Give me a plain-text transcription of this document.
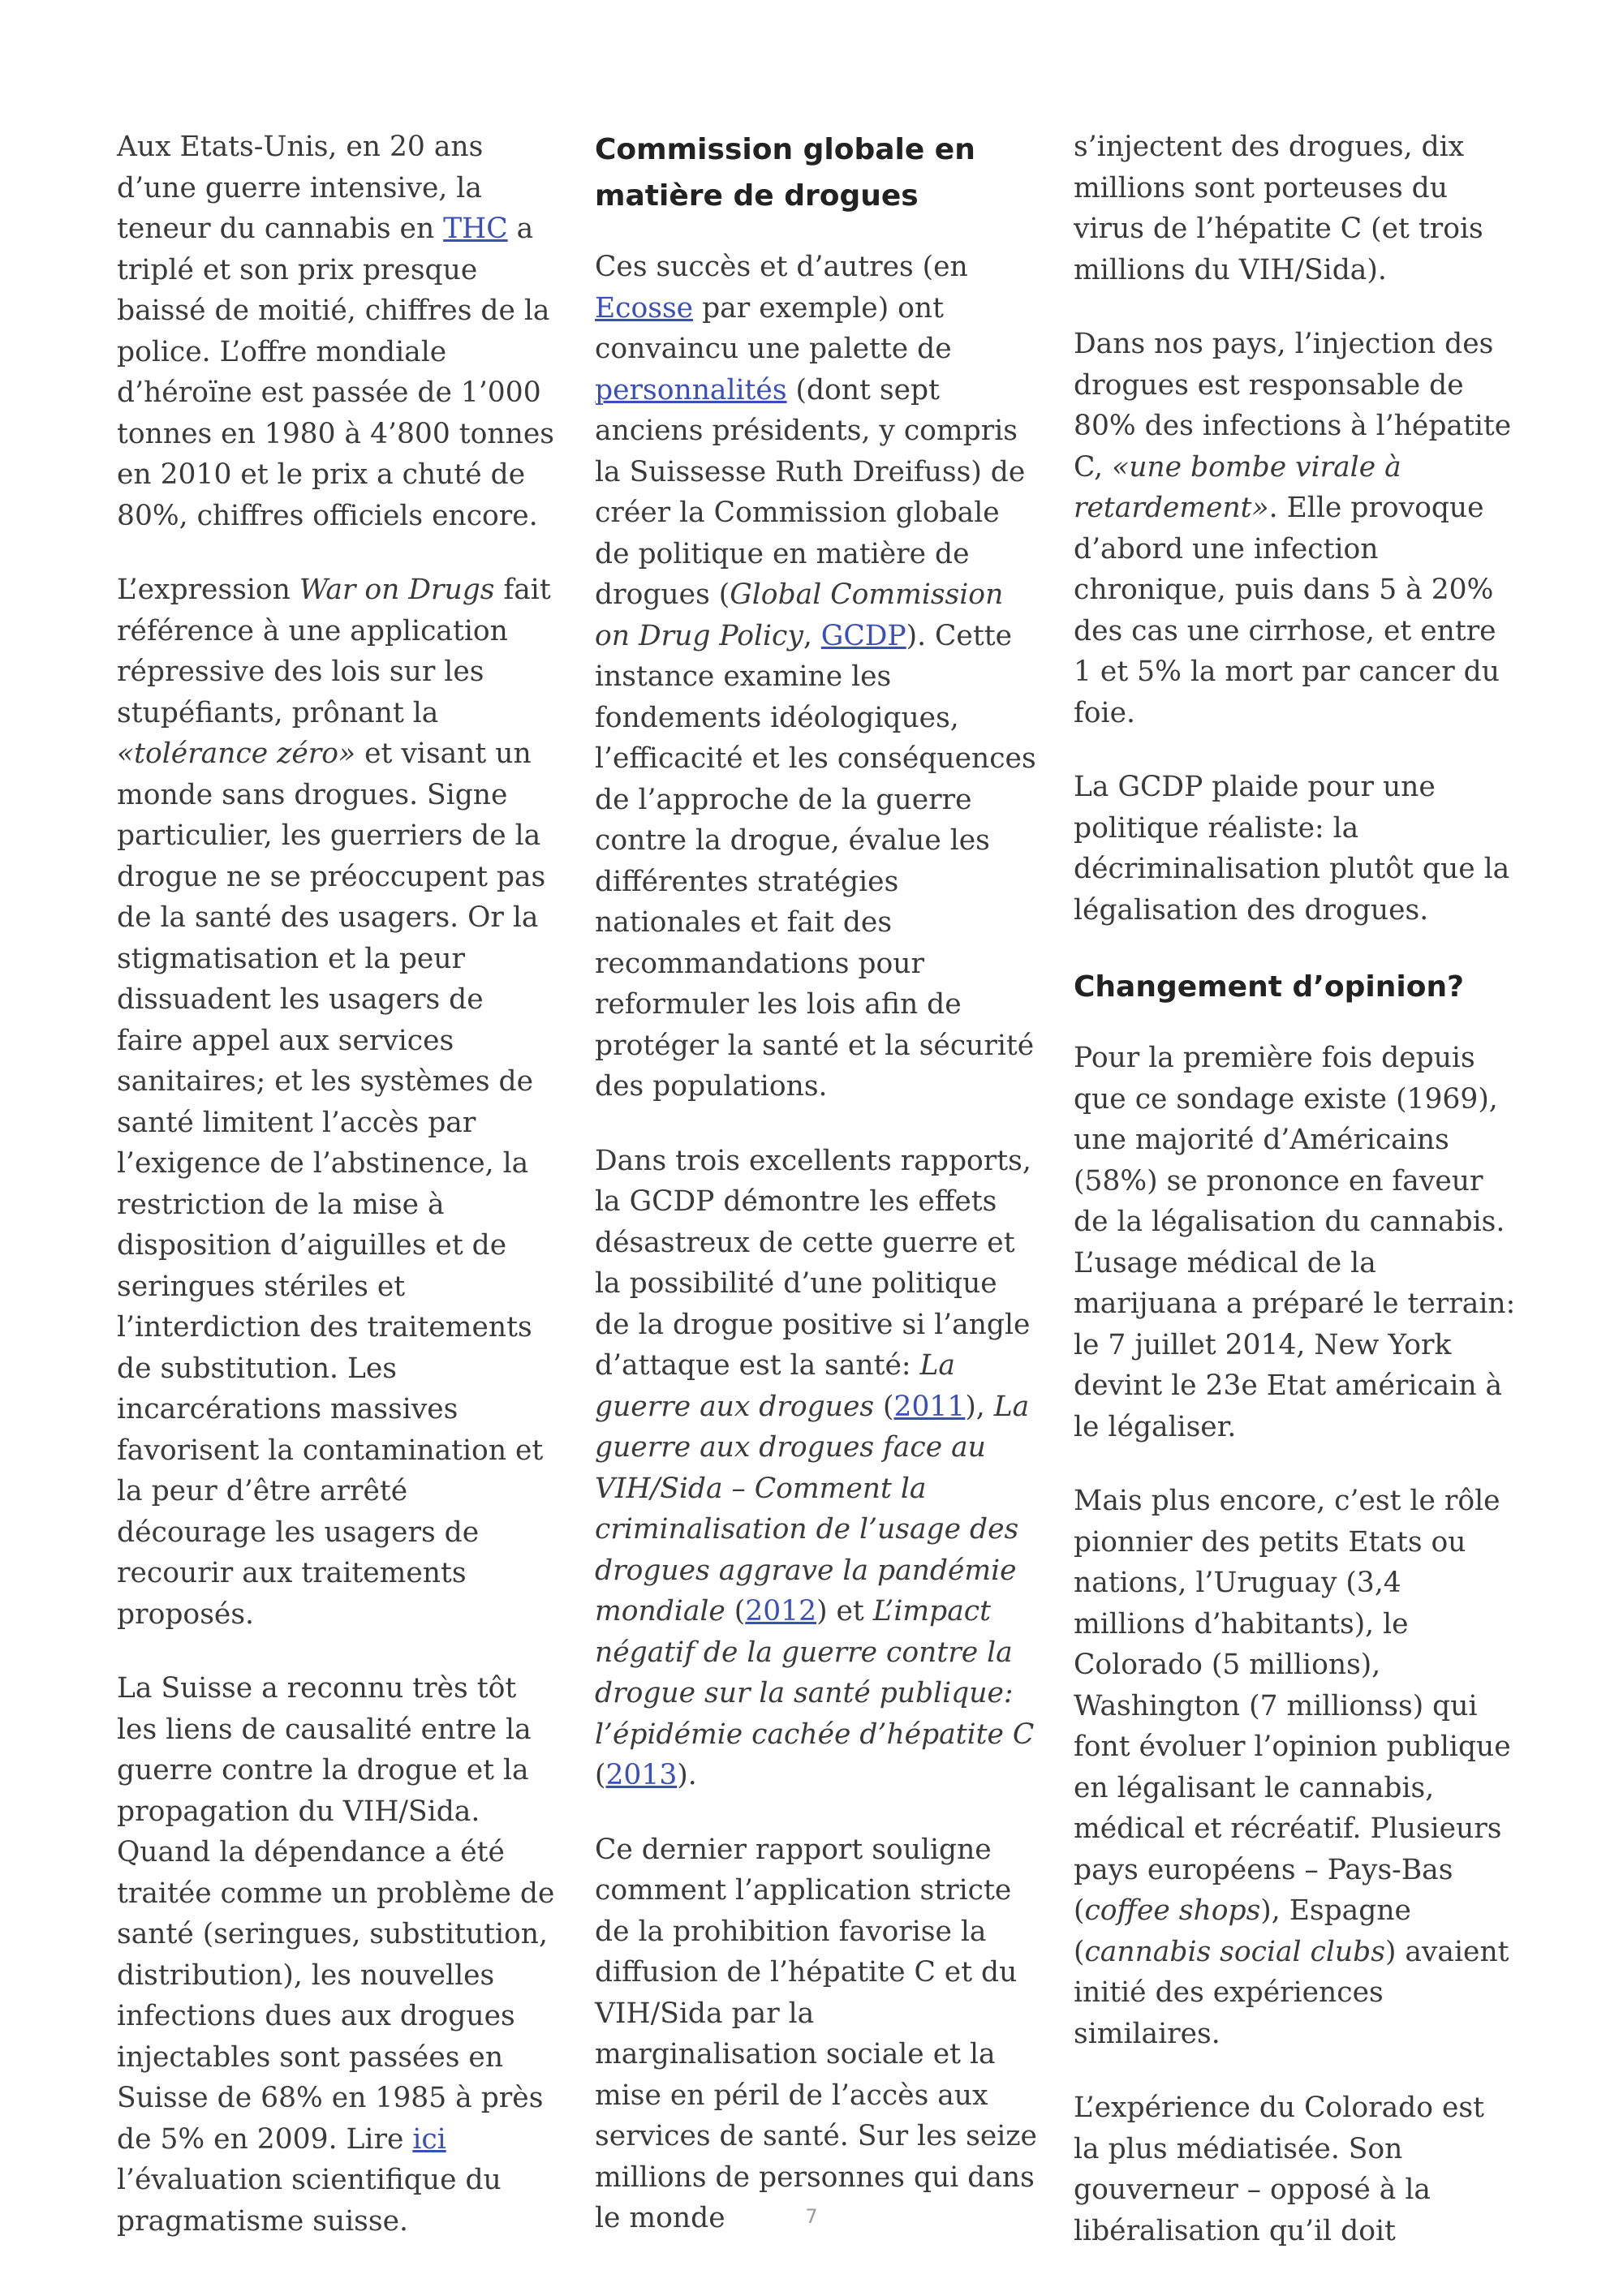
Aux Etats-Unis, en 20 ans d’une guerre intensive, la teneur du cannabis en THC a triplé et son prix presque baissé de moitié, chiffres de la police. L’offre mondiale d’héroïne est passée de 1’000 tonnes en 1980 à 4’800 tonnes en 2010 et le prix a chuté de 80%, chiffres officiels encore.

L’expression War on Drugs fait référence à une application répressive des lois sur les stupéfiants, prônant la «tolérance zéro» et visant un monde sans drogues. Signe particulier, les guerriers de la drogue ne se préoccupent pas de la santé des usagers. Or la stigmatisation et la peur dissuadent les usagers de faire appel aux services sanitaires; et les systèmes de santé limitent l’accès par l’exigence de l’abstinence, la restriction de la mise à disposition d’aiguilles et de seringues stériles et l’interdiction des traitements de substitution. Les incarcérations massives favorisent la contamination et la peur d’être arrêté décourage les usagers de recourir aux traitements proposés.

La Suisse a reconnu très tôt les liens de causalité entre la guerre contre la drogue et la propagation du VIH/Sida. Quand la dépendance a été traitée comme un problème de santé (seringues, substitution, distribution), les nouvelles infections dues aux drogues injectables sont passées en Suisse de 68% en 1985 à près de 5% en 2009. Lire ici l’évaluation scientifique du pragmatisme suisse.

Commission globale en matière de drogues

Ces succès et d’autres (en Ecosse par exemple) ont convaincu une palette de personnalités (dont sept anciens présidents, y compris la Suissesse Ruth Dreifuss) de créer la Commission globale de politique en matière de drogues (Global Commission on Drug Policy, GCDP). Cette instance examine les fondements idéologiques, l’efficacité et les conséquences de l’approche de la guerre contre la drogue, évalue les différentes stratégies nationales et fait des recommandations pour reformuler les lois afin de protéger la santé et la sécurité des populations.

Dans trois excellents rapports, la GCDP démontre les effets désastreux de cette guerre et la possibilité d’une politique de la drogue positive si l’angle d’attaque est la santé: La guerre aux drogues (2011), La guerre aux drogues face au VIH/Sida – Comment la criminalisation de l’usage des drogues aggrave la pandémie mondiale (2012) et L’impact négatif de la guerre contre la drogue sur la santé publique: l’épidémie cachée d’hépatite C (2013).

Ce dernier rapport souligne comment l’application stricte de la prohibition favorise la diffusion de l’hépatite C et du VIH/Sida par la marginalisation sociale et la mise en péril de l’accès aux services de santé. Sur les seize millions de personnes qui dans le monde

s’injectent des drogues, dix millions sont porteuses du virus de l’hépatite C (et trois millions du VIH/Sida).

Dans nos pays, l’injection des drogues est responsable de 80% des infections à l’hépatite C, «une bombe virale à retardement». Elle provoque d’abord une infection chronique, puis dans 5 à 20% des cas une cirrhose, et entre 1 et 5% la mort par cancer du foie.

La GCDP plaide pour une politique réaliste: la décriminalisation plutôt que la légalisation des drogues.

Changement d’opinion?

Pour la première fois depuis que ce sondage existe (1969), une majorité d’Américains (58%) se prononce en faveur de la légalisation du cannabis. L’usage médical de la marijuana a préparé le terrain: le 7 juillet 2014, New York devint le 23e Etat américain à le légaliser.

Mais plus encore, c’est le rôle pionnier des petits Etats ou nations, l’Uruguay (3,4 millions d’habitants), le Colorado (5 millions), Washington (7 millionss) qui font évoluer l’opinion publique en légalisant le cannabis, médical et récréatif. Plusieurs pays européens – Pays-Bas (coffee shops), Espagne (cannabis social clubs) avaient initié des expériences similaires.

L’expérience du Colorado est la plus médiatisée. Son gouverneur – opposé à la libéralisation qu’il doit

7
